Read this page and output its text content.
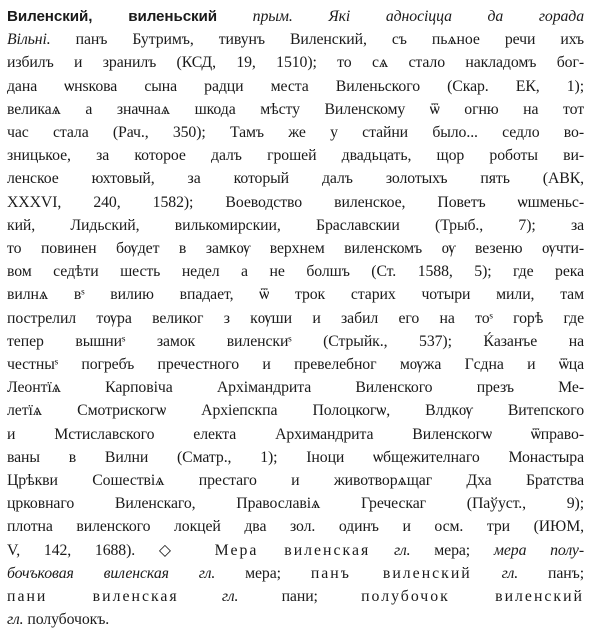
Виленский, виленьский прым. Які адносіцца да горада
Вільні. панъ Бутримъ, тивунъ Виленский, съ пьѧное речи ихъ
избилъ и зранилъ (КСД, 19, 1510); то сѧ стало накладомъ бог-
дана ѡнѕкова сына радци места Виленьского (Скар. ЕК, 1);
великаѧ а значнаѧ шкода мѣсту Виленскому ѿ огню на тот
час стала (Рач., 350); Тамъ же у стайни было... седло во-
зницькое, за которое далъ грошей двадьцать, щор роботы ви-
ленское юхтовый, за который далъ золотыхъ пять (АВК,
XXXVI, 240, 1582); Воеводство виленское, Поветъ ѡшменьс-
кий, Лидьский, вилькомирскии, Браславскии (Трыб., 7); за
то повинен бѹдет в замкѹ верхнем виленскомъ ѹ везеню ѹчти-
вом седѣти шесть недел а не болшъ (Ст. 1588, 5); где река
вилнѧ вˢ вилию впадает, ѿ трок старих чотыри мили, там
пострелил тѹра великог з кѹши и забил его на тоˢ горѣ где
тепер вышниˢ замок виленскиˢ (Стрыйк., 537); Ќазанъе на
честныˢ погребъ пречестного и превелебног мѹжа Гсдна и ѿца
Леонтїѧ Карповіча Архімандрита Виленского презъ Ме-
летїѧ Смотрискогѡ Архіепскпа Полоцкогѡ, Влдкѹ Витепского
и Мстиславского електа Архимандрита Виленскогѡ ѿправо-
ваны в Вилни (Сматр., 1); Іноци ѡбщежителнаго Монастыра
Црѣкви Сошествіѧ престаго и животворѧщаг Дха Братства
црковнаго Виленскаго, Православіѧ Греческаг (Паўуст., 9);
плотна виленского локцей два зол. одинъ и осм. три (ИЮМ,
V, 142, 1688). ◇ Мера виленская гл. мера; мера полу-
бочъковая виленская гл. мера; панъ виленский гл. панъ;
пани виленская гл. пани; полубочок виленский
гл. полубочокъ.
